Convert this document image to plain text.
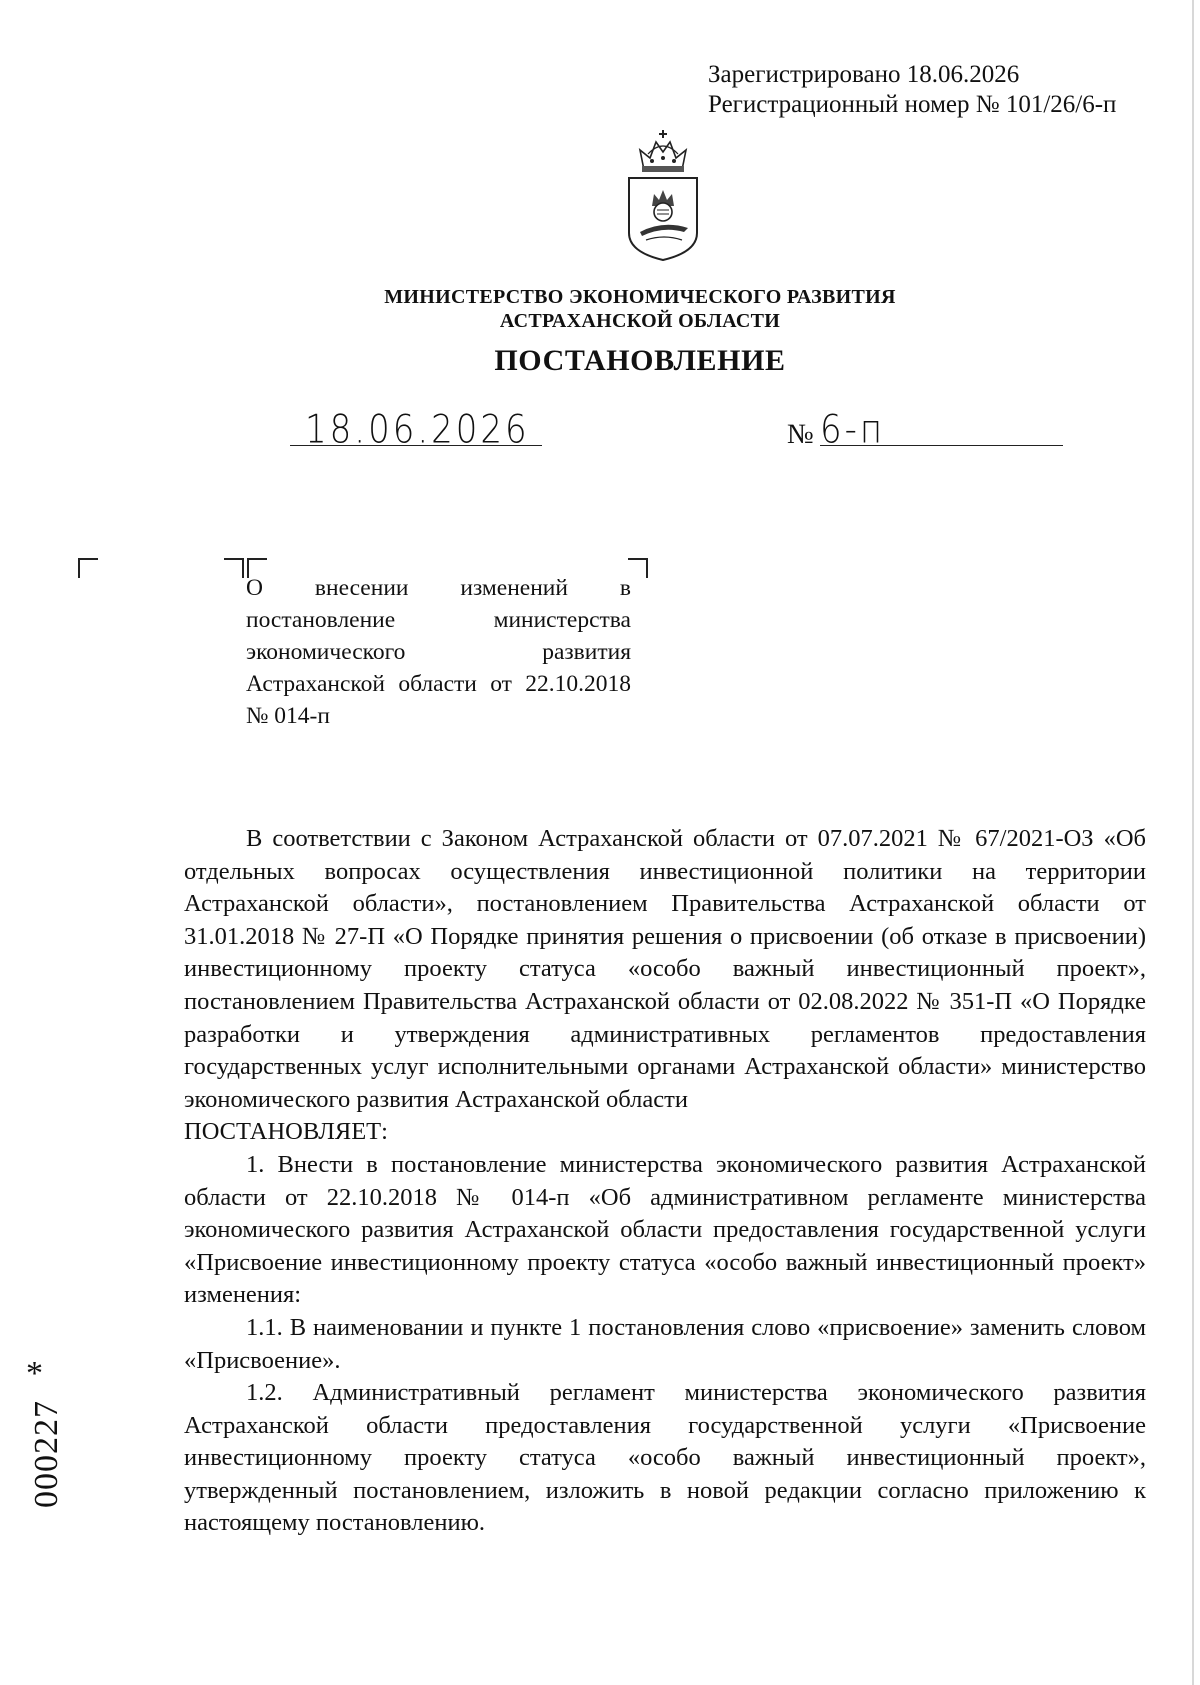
Зарегистрировано 18.06.2026
Регистрационный номер № 101/26/6-п
МИНИСТЕРСТВО ЭКОНОМИЧЕСКОГО РАЗВИТИЯ
АСТРАХАНСКОЙ ОБЛАСТИ
ПОСТАНОВЛЕНИЕ
18.06.2026	№ 6-п
О внесении изменений в постановление министерства экономического развития Астраханской области от 22.10.2018 № 014-п

В соответствии с Законом Астраханской области от 07.07.2021 № 67/2021-ОЗ «Об отдельных вопросах осуществления инвестиционной политики на территории Астраханской области», постановлением Правительства Астраханской области от 31.01.2018 № 27-П «О Порядке принятия решения о присвоении (об отказе в присвоении) инвестиционному проекту статуса «особо важный инвестиционный проект», постановлением Правительства Астраханской области от 02.08.2022 № 351-П «О Порядке разработки и утверждения административных регламентов предоставления государственных услуг исполнительными органами Астраханской области» министерство экономического развития Астраханской области

ПОСТАНОВЛЯЕТ:

1. Внести в постановление министерства экономического развития Астраханской области от 22.10.2018 № 014-п «Об административном регламенте министерства экономического развития Астраханской области предоставления государственной услуги «Присвоение инвестиционному проекту статуса «особо важный инвестиционный проект» изменения:

1.1. В наименовании и пункте 1 постановления слово «присвоение» заменить словом «Присвоение».

1.2. Административный регламент министерства экономического развития Астраханской области предоставления государственной услуги «Присвоение инвестиционному проекту статуса «особо важный инвестиционный проект», утвержденный постановлением, изложить в новой редакции согласно приложению к настоящему постановлению.

000227
*
